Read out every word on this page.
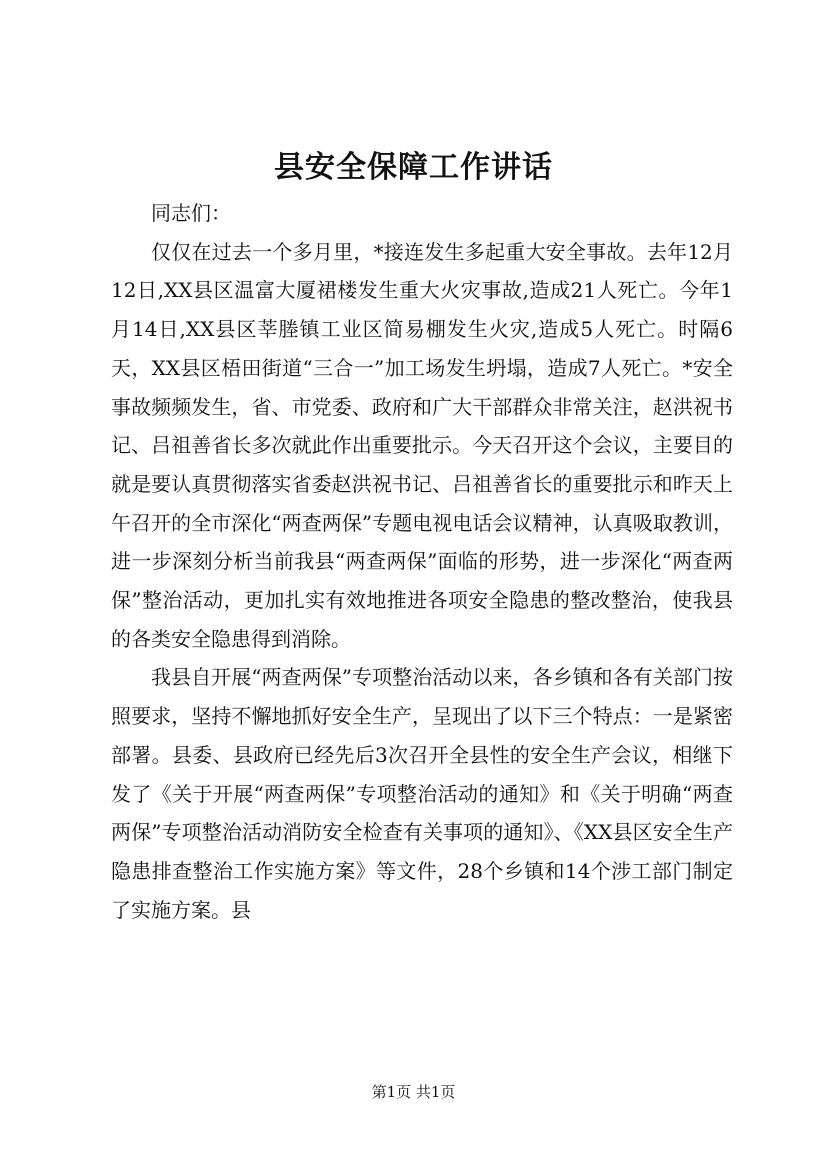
县安全保障工作讲话

同志们：

仅仅在过去一个多月里，*接连发生多起重大安全事故。去年12月12日,XX县区温富大厦裙楼发生重大火灾事故,造成21人死亡。今年1月14日,XX县区莘塍镇工业区简易棚发生火灾,造成5人死亡。时隔6天，XX县区梧田街道“三合一”加工场发生坍塌，造成7人死亡。*安全事故频频发生，省、市党委、政府和广大干部群众非常关注，赵洪祝书记、吕祖善省长多次就此作出重要批示。今天召开这个会议，主要目的就是要认真贯彻落实省委赵洪祝书记、吕祖善省长的重要批示和昨天上午召开的全市深化“两查两保”专题电视电话会议精神，认真吸取教训，进一步深刻分析当前我县“两查两保”面临的形势，进一步深化“两查两保”整治活动，更加扎实有效地推进各项安全隐患的整改整治，使我县的各类安全隐患得到消除。

我县自开展“两查两保”专项整治活动以来，各乡镇和各有关部门按照要求，坚持不懈地抓好安全生产，呈现出了以下三个特点：一是紧密部署。县委、县政府已经先后3次召开全县性的安全生产会议，相继下发了《关于开展“两查两保”专项整治活动的通知》和《关于明确“两查两保”专项整治活动消防安全检查有关事项的通知》、《XX县区安全生产隐患排查整治工作实施方案》等文件，28个乡镇和14个涉工部门制定了实施方案。县

第1页 共1页
